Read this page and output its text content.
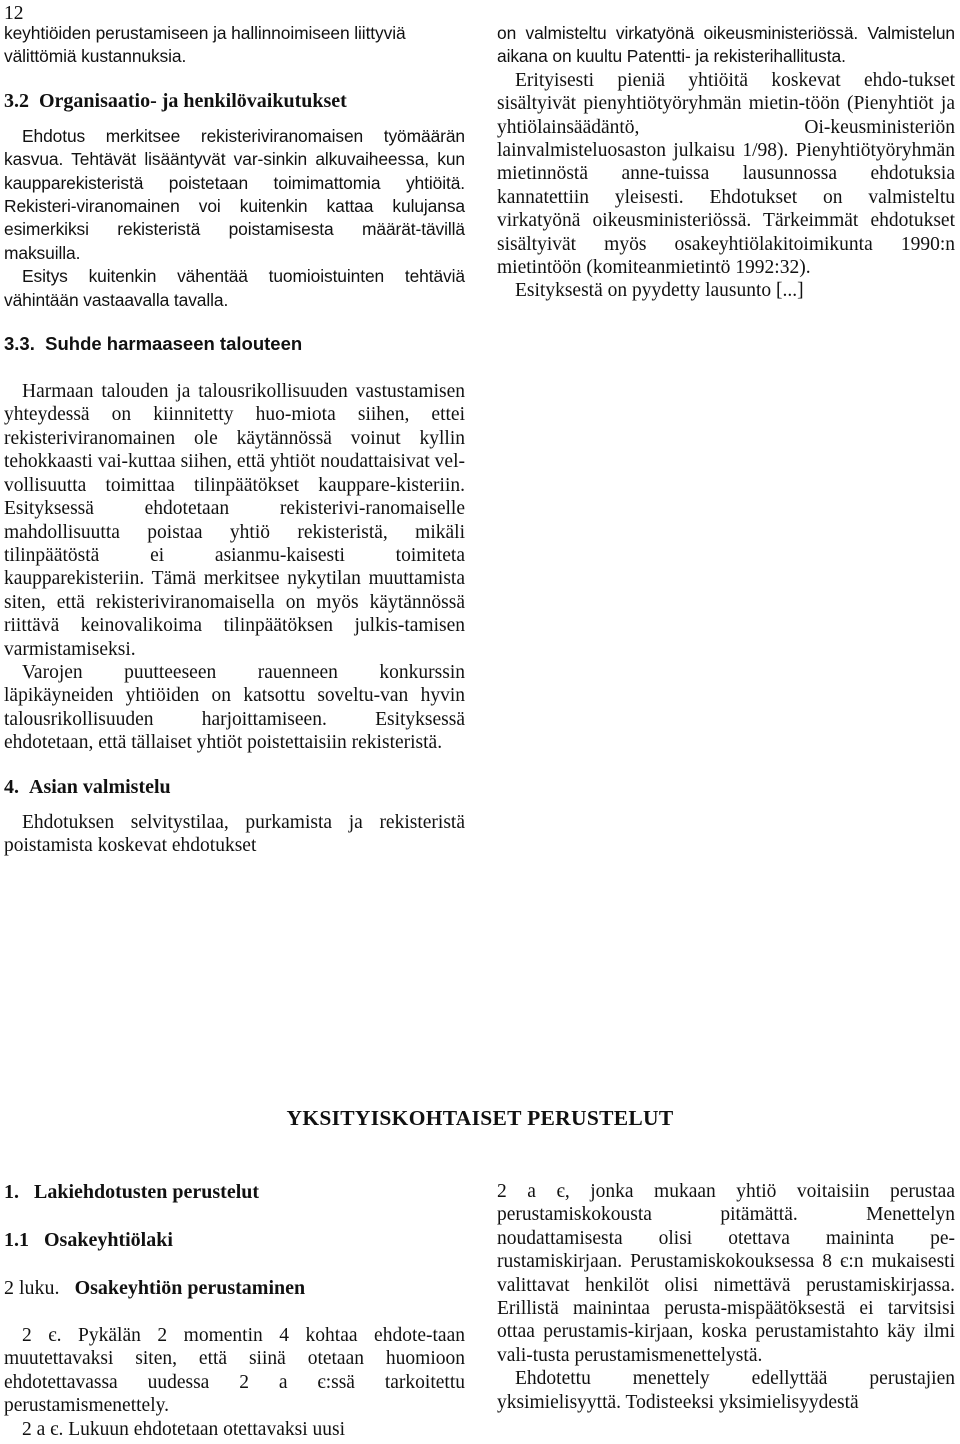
12

keyhtiöiden perustamiseen ja hallinnoimiseen liittyviä välittömiä kustannuksia.

3.2 Organisaatio- ja henkilövaikutukset

Ehdotus merkitsee rekisteriviranomaisen työmäärän kasvua. Tehtävät lisääntyvät var-sinkin alkuvaiheessa, kun kaupparekisteristä poistetaan toimimattomia yhtiöitä. Rekisteri-viranomainen voi kuitenkin kattaa kulujansa esimerkiksi rekisteristä poistamisesta määrät-tävillä maksuilla.

Esitys kuitenkin vähentää tuomioistuinten tehtäviä vähintään vastaavalla tavalla.

3.3. Suhde harmaaseen talouteen

Harmaan talouden ja talousrikollisuuden vastustamisen yhteydessä on kiinnitetty huo-miota siihen, ettei rekisteriviranomainen ole käytännössä voinut kyllin tehokkaasti vai-kuttaa siihen, että yhtiöt noudattaisivat vel-vollisuutta toimittaa tilinpäätökset kauppare-kisteriin. Esityksessä ehdotetaan rekisterivi-ranomaiselle mahdollisuutta poistaa yhtiö rekisteristä, mikäli tilinpäätöstä ei asianmu-kaisesti toimiteta kaupparekisteriin. Tämä merkitsee nykytilan muuttamista siten, että rekisteriviranomaisella on myös käytännössä riittävä keinovalikoima tilinpäätöksen julkis-tamisen varmistamiseksi.

Varojen puutteeseen rauenneen konkurssin läpikäyneiden yhtiöiden on katsottu soveltu-van hyvin talousrikollisuuden harjoittamiseen. Esityksessä ehdotetaan, että tällaiset yhtiöt poistettaisiin rekisteristä.

4. Asian valmistelu

Ehdotuksen selvitystilaa, purkamista ja rekisteristä poistamista koskevat ehdotukset

on valmisteltu virkatyönä oikeusministeriössä. Valmistelun aikana on kuultu Patentti- ja rekisterihallitusta.

Erityisesti pieniä yhtiöitä koskevat ehdo-tukset sisältyivät pienyhtiötyöryhmän mietin-töön (Pienyhtiöt ja yhtiölainsäädäntö, Oi-keusministeriön lainvalmisteluosaston julkaisu 1/98). Pienyhtiötyöryhmän mietinnöstä anne-tuissa lausunnossa ehdotuksia kannatettiin yleisesti. Ehdotukset on valmisteltu virkatyönä oikeusministeriössä. Tärkeimmät ehdotukset sisältyivät myös osakeyhtiölakitoimikunta 1990:n mietintöön (komiteanmietintö 1992:32).

Esityksestä on pyydetty lausunto [...]

YKSITYISKOHTAISET PERUSTELUT
1. Lakiehdotusten perustelut
1.1 Osakeyhtiölaki
2 luku. Osakeyhtiön perustaminen

2 є. Pykälän 2 momentin 4 kohtaa ehdote-taan muutettavaksi siten, että siinä otetaan huomioon ehdotettavassa uudessa 2 a є:ssä tarkoitettu perustamismenettely.

2 a є. Lukuun ehdotetaan otettavaksi uusi

2 a є, jonka mukaan yhtiö voitaisiin perustaa perustamiskokousta pitämättä. Menettelyn noudattamisesta olisi otettava maininta pe-rustamiskirjaan. Perustamiskokouksessa 8 є:n mukaisesti valittavat henkilöt olisi nimettävä perustamiskirjassa. Erillistä mainintaa perusta-mispäätöksestä ei tarvitsisi ottaa perustamis-kirjaan, koska perustamistahto käy ilmi vali-tusta perustamismenettelystä.

Ehdotettu menettely edellyttää perustajien yksimielisyyttä. Todisteeksi yksimielisyydestä
